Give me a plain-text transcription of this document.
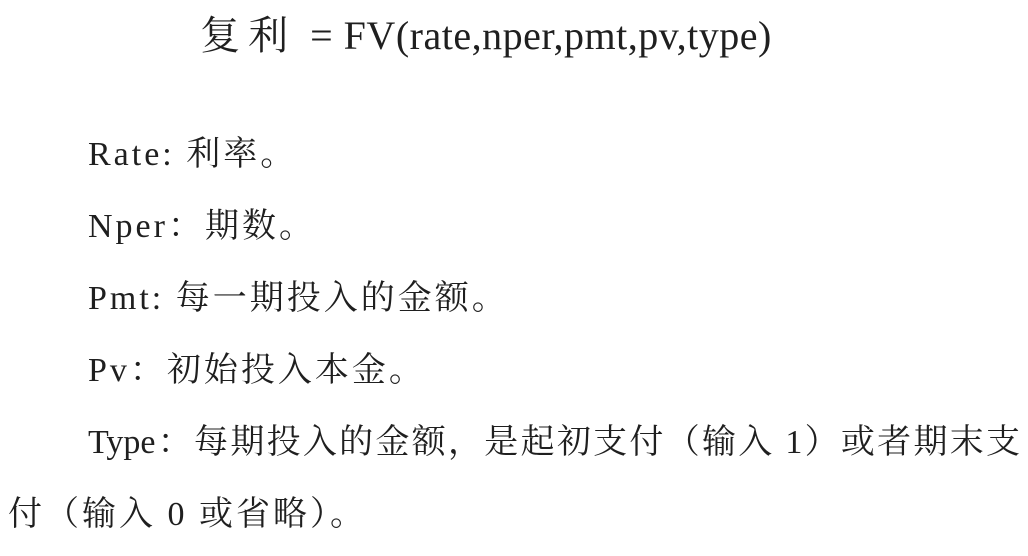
复利 = FV(rate,nper,pmt,pv,type)
Rate: 利率。
Nper：期数。
Pmt: 每一期投入的金额。
Pv：初始投入本金。
Type：每期投入的金额，是起初支付（输入 1）或者期末支
付（输入 0 或省略）。
